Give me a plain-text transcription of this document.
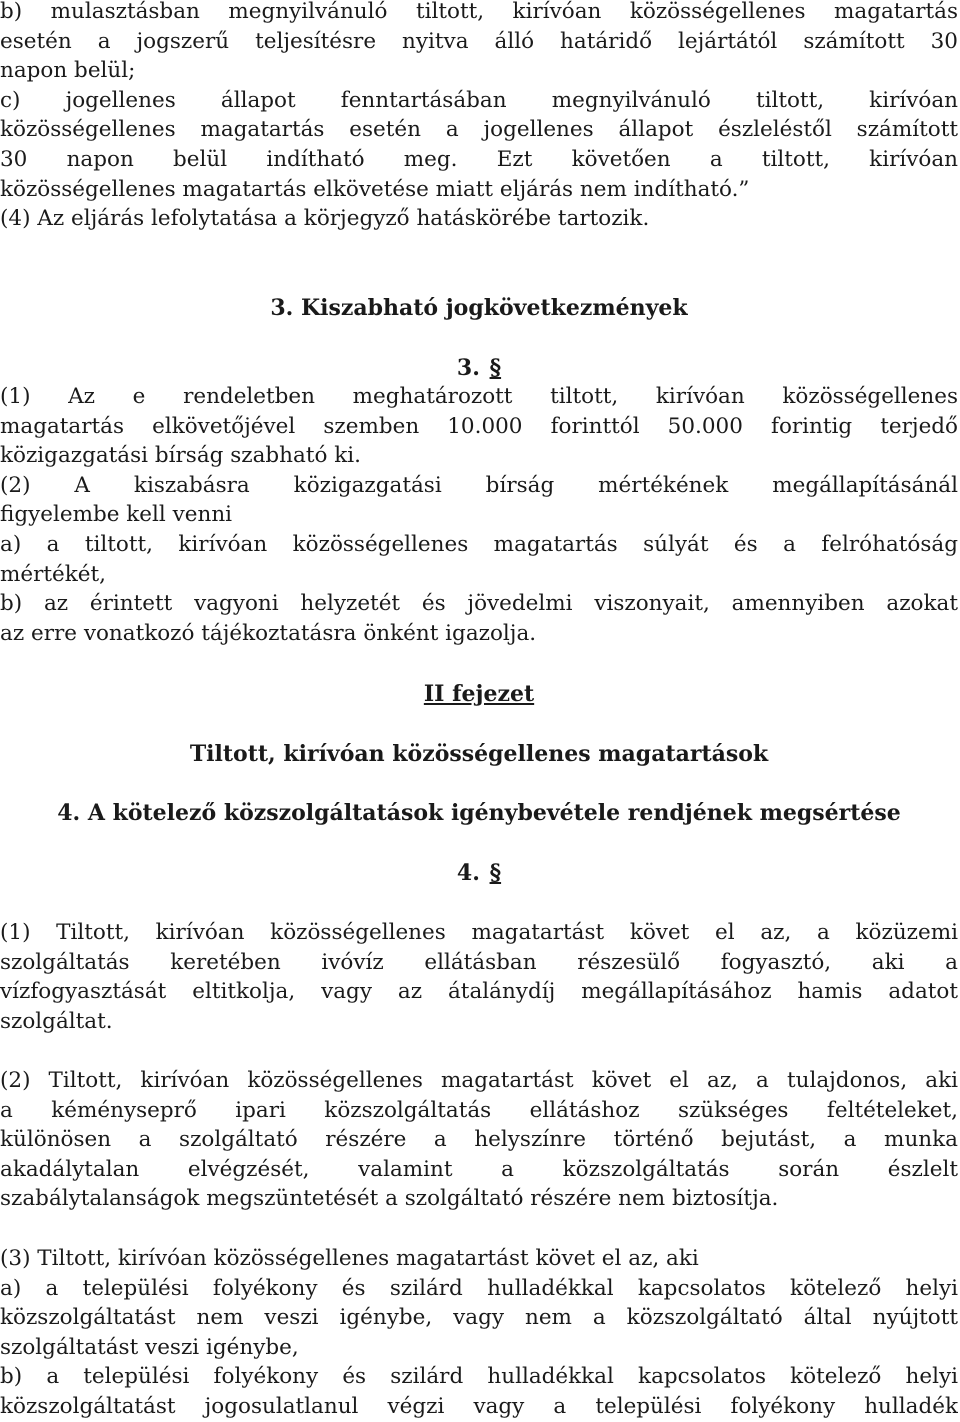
b) mulasztásban megnyilvánuló tiltott, kirívóan közösségellenes magatartás
esetén a jogszerű teljesítésre nyitva álló határidő lejártától számított 30
napon belül;
c) jogellenes állapot fenntartásában megnyilvánuló tiltott, kirívóan
közösségellenes magatartás esetén a jogellenes állapot észleléstől számított
30 napon belül indítható meg. Ezt követően a tiltott, kirívóan
közösségellenes magatartás elkövetése miatt eljárás nem indítható.”
(4) Az eljárás lefolytatása a körjegyző hatáskörébe tartozik.
3. Kiszabható jogkövetkezmények
3. §
(1) Az e rendeletben meghatározott tiltott, kirívóan közösségellenes
magatartás elkövetőjével szemben 10.000 forinttól 50.000 forintig terjedő
közigazgatási bírság szabható ki.
(2) A kiszabásra közigazgatási bírság mértékének megállapításánál
figyelembe kell venni
a) a tiltott, kirívóan közösségellenes magatartás súlyát és a felróhatóság
mértékét,
b) az érintett vagyoni helyzetét és jövedelmi viszonyait, amennyiben azokat
az erre vonatkozó tájékoztatásra önként igazolja.
II fejezet
Tiltott, kirívóan közösségellenes magatartások
4. A kötelező közszolgáltatások igénybevétele rendjének megsértése
4. §
(1) Tiltott, kirívóan közösségellenes magatartást követ el az, a közüzemi
szolgáltatás keretében ivóvíz ellátásban részesülő fogyasztó, aki a
vízfogyasztását eltitkolja, vagy az átalánydíj megállapításához hamis adatot
szolgáltat.
(2) Tiltott, kirívóan közösségellenes magatartást követ el az, a tulajdonos, aki
a kéményseprő ipari közszolgáltatás ellátáshoz szükséges feltételeket,
különösen a szolgáltató részére a helyszínre történő bejutást, a munka
akadálytalan elvégzését, valamint a közszolgáltatás során észlelt
szabálytalanságok megszüntetését a szolgáltató részére nem biztosítja.
(3) Tiltott, kirívóan közösségellenes magatartást követ el az, aki
a) a települési folyékony és szilárd hulladékkal kapcsolatos kötelező helyi
közszolgáltatást nem veszi igénybe, vagy nem a közszolgáltató által nyújtott
szolgáltatást veszi igénybe,
b) a települési folyékony és szilárd hulladékkal kapcsolatos kötelező helyi
közszolgáltatást jogosulatlanul végzi vagy a települési folyékony hulladék
